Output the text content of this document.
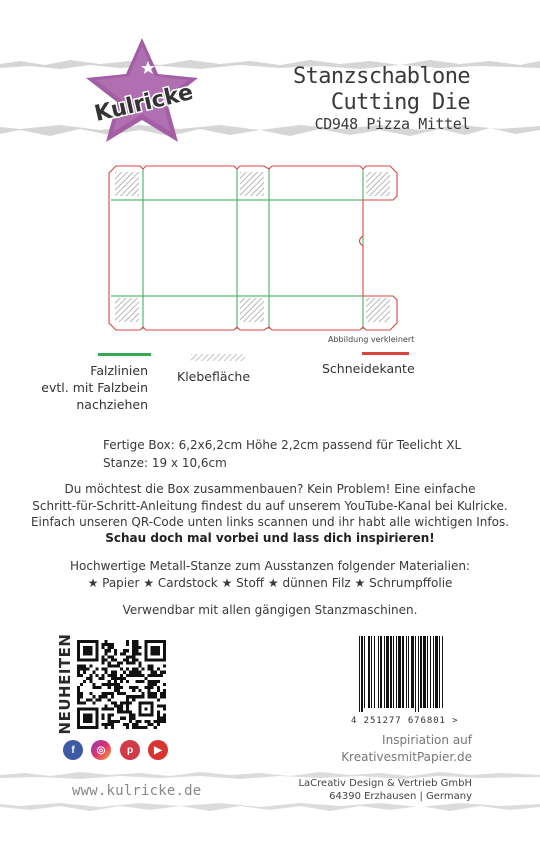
Kulricke
Stanzschablone
Cutting Die
CD948 Pizza Mittel
Abbildung verkleinert
Falzlinien
evtl. mit Falzbein
nachziehen
Klebefläche
Schneidekante
Fertige Box: 6,2x6,2cm Höhe 2,2cm passend für Teelicht XL
Stanze: 19 x 10,6cm
Du möchtest die Box zusammenbauen? Kein Problem! Eine einfache
Schritt-für-Schritt-Anleitung findest du auf unserem YouTube-Kanal bei Kulricke.
Einfach unseren QR-Code unten links scannen und ihr habt alle wichtigen Infos.
Schau doch mal vorbei und lass dich inspirieren!
Hochwertige Metall-Stanze zum Ausstanzen folgender Materialien:
★ Papier ★ Cardstock ★ Stoff ★ dünnen Filz ★ Schrumpffolie
Verwendbar mit allen gängigen Stanzmaschinen.
NEUHEITEN
f	◎	p	▶
4 251277 676801 >
Inspiriation auf
KreativesmitPapier.de
www.kulricke.de	LaCreativ Design & Vertrieb GmbH
64390 Erzhausen | Germany
